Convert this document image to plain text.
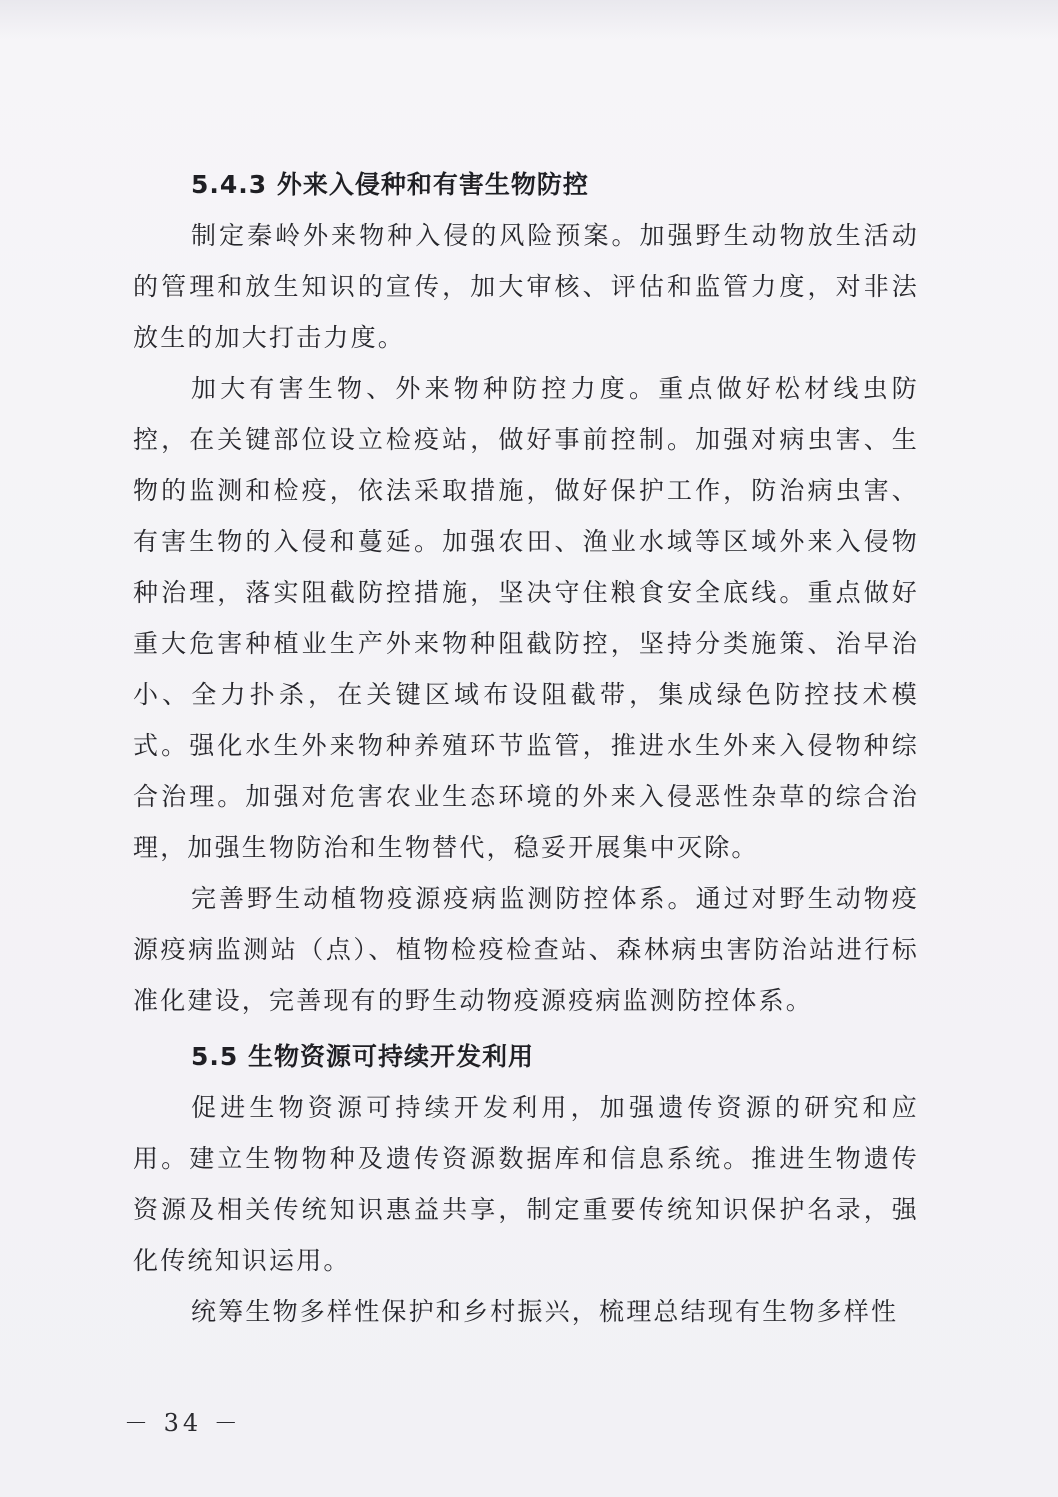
5.4.3 外来入侵种和有害生物防控

制定秦岭外来物种入侵的风险预案。加强野生动物放生活动的管理和放生知识的宣传，加大审核、评估和监管力度，对非法放生的加大打击力度。

加大有害生物、外来物种防控力度。重点做好松材线虫防控，在关键部位设立检疫站，做好事前控制。加强对病虫害、生物的监测和检疫，依法采取措施，做好保护工作，防治病虫害、有害生物的入侵和蔓延。加强农田、渔业水域等区域外来入侵物种治理，落实阻截防控措施，坚决守住粮食安全底线。重点做好重大危害种植业生产外来物种阻截防控，坚持分类施策、治早治小、全力扑杀，在关键区域布设阻截带，集成绿色防控技术模式。强化水生外来物种养殖环节监管，推进水生外来入侵物种综合治理。加强对危害农业生态环境的外来入侵恶性杂草的综合治理，加强生物防治和生物替代，稳妥开展集中灭除。

完善野生动植物疫源疫病监测防控体系。通过对野生动物疫源疫病监测站（点）、植物检疫检查站、森林病虫害防治站进行标准化建设，完善现有的野生动物疫源疫病监测防控体系。

5.5 生物资源可持续开发利用

促进生物资源可持续开发利用，加强遗传资源的研究和应用。建立生物物种及遗传资源数据库和信息系统。推进生物遗传资源及相关传统知识惠益共享，制定重要传统知识保护名录，强化传统知识运用。

统筹生物多样性保护和乡村振兴，梳理总结现有生物多样性

－ 34 －
